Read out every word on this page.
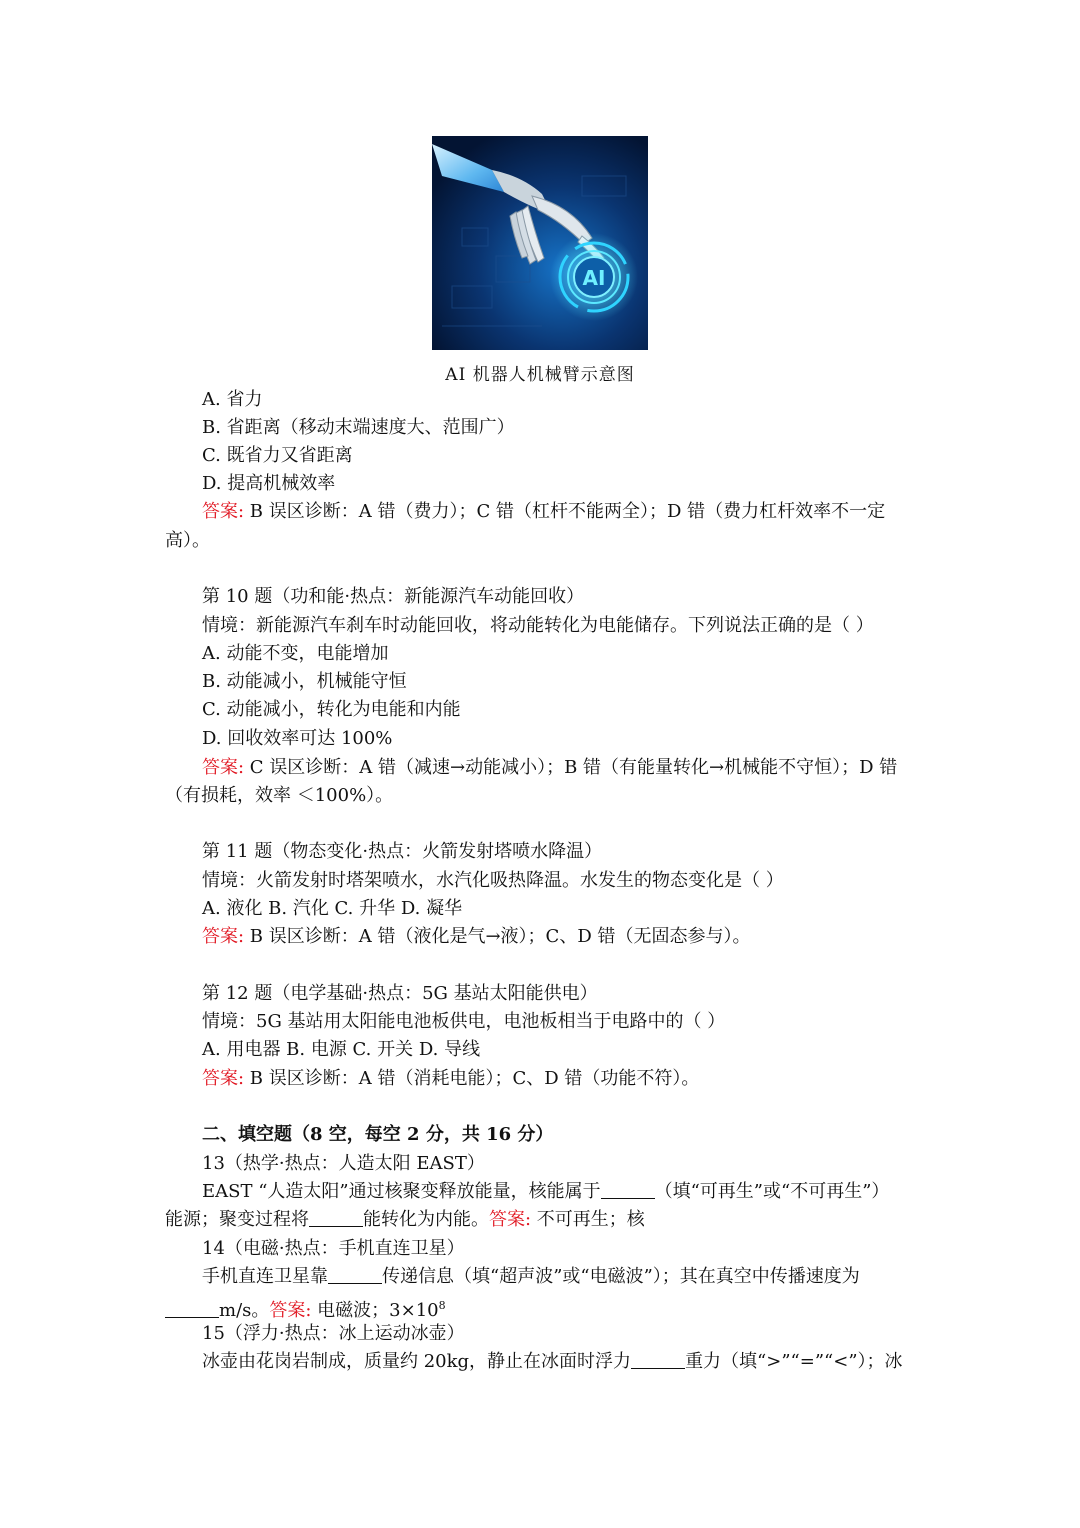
AI
AI 机器人机械臂示意图
A. 省力
B. 省距离（移动末端速度大、范围广）
C. 既省力又省距离
D. 提高机械效率
答案: B 误区诊断：A 错（费力）；C 错（杠杆不能两全）；D 错（费力杠杆效率不一定
高）。
第 10 题（功和能·热点：新能源汽车动能回收）
情境：新能源汽车刹车时动能回收，将动能转化为电能储存。下列说法正确的是（ ）
A. 动能不变，电能增加
B. 动能减小，机械能守恒
C. 动能减小，转化为电能和内能
D. 回收效率可达 100%
答案: C 误区诊断：A 错（减速→动能减小）；B 错（有能量转化→机械能不守恒）；D 错
（有损耗，效率 ＜100%）。
第 11 题（物态变化·热点：火箭发射塔喷水降温）
情境：火箭发射时塔架喷水，水汽化吸热降温。水发生的物态变化是（ ）
A. 液化 B. 汽化 C. 升华 D. 凝华
答案: B 误区诊断：A 错（液化是气→液）；C、D 错（无固态参与）。
第 12 题（电学基础·热点：5G 基站太阳能供电）
情境：5G 基站用太阳能电池板供电，电池板相当于电路中的（ ）
A. 用电器 B. 电源 C. 开关 D. 导线
答案: B 误区诊断：A 错（消耗电能）；C、D 错（功能不符）。
二、填空题（8 空，每空 2 分，共 16 分）
13（热学·热点：人造太阳 EAST）
EAST “人造太阳”通过核聚变释放能量，核能属于	（填“可再生”或“不可再生”）
能源；聚变过程将	能转化为内能。答案: 不可再生；核
14（电磁·热点：手机直连卫星）
手机直连卫星靠	传递信息（填“超声波”或“电磁波”）；其在真空中传播速度为
m/s。答案: 电磁波；$3\times 10^8$
15（浮力·热点：冰上运动冰壶）
冰壶由花岗岩制成，质量约 20kg，静止在冰面时浮力	重力（填“>”“=”“<”）；冰
